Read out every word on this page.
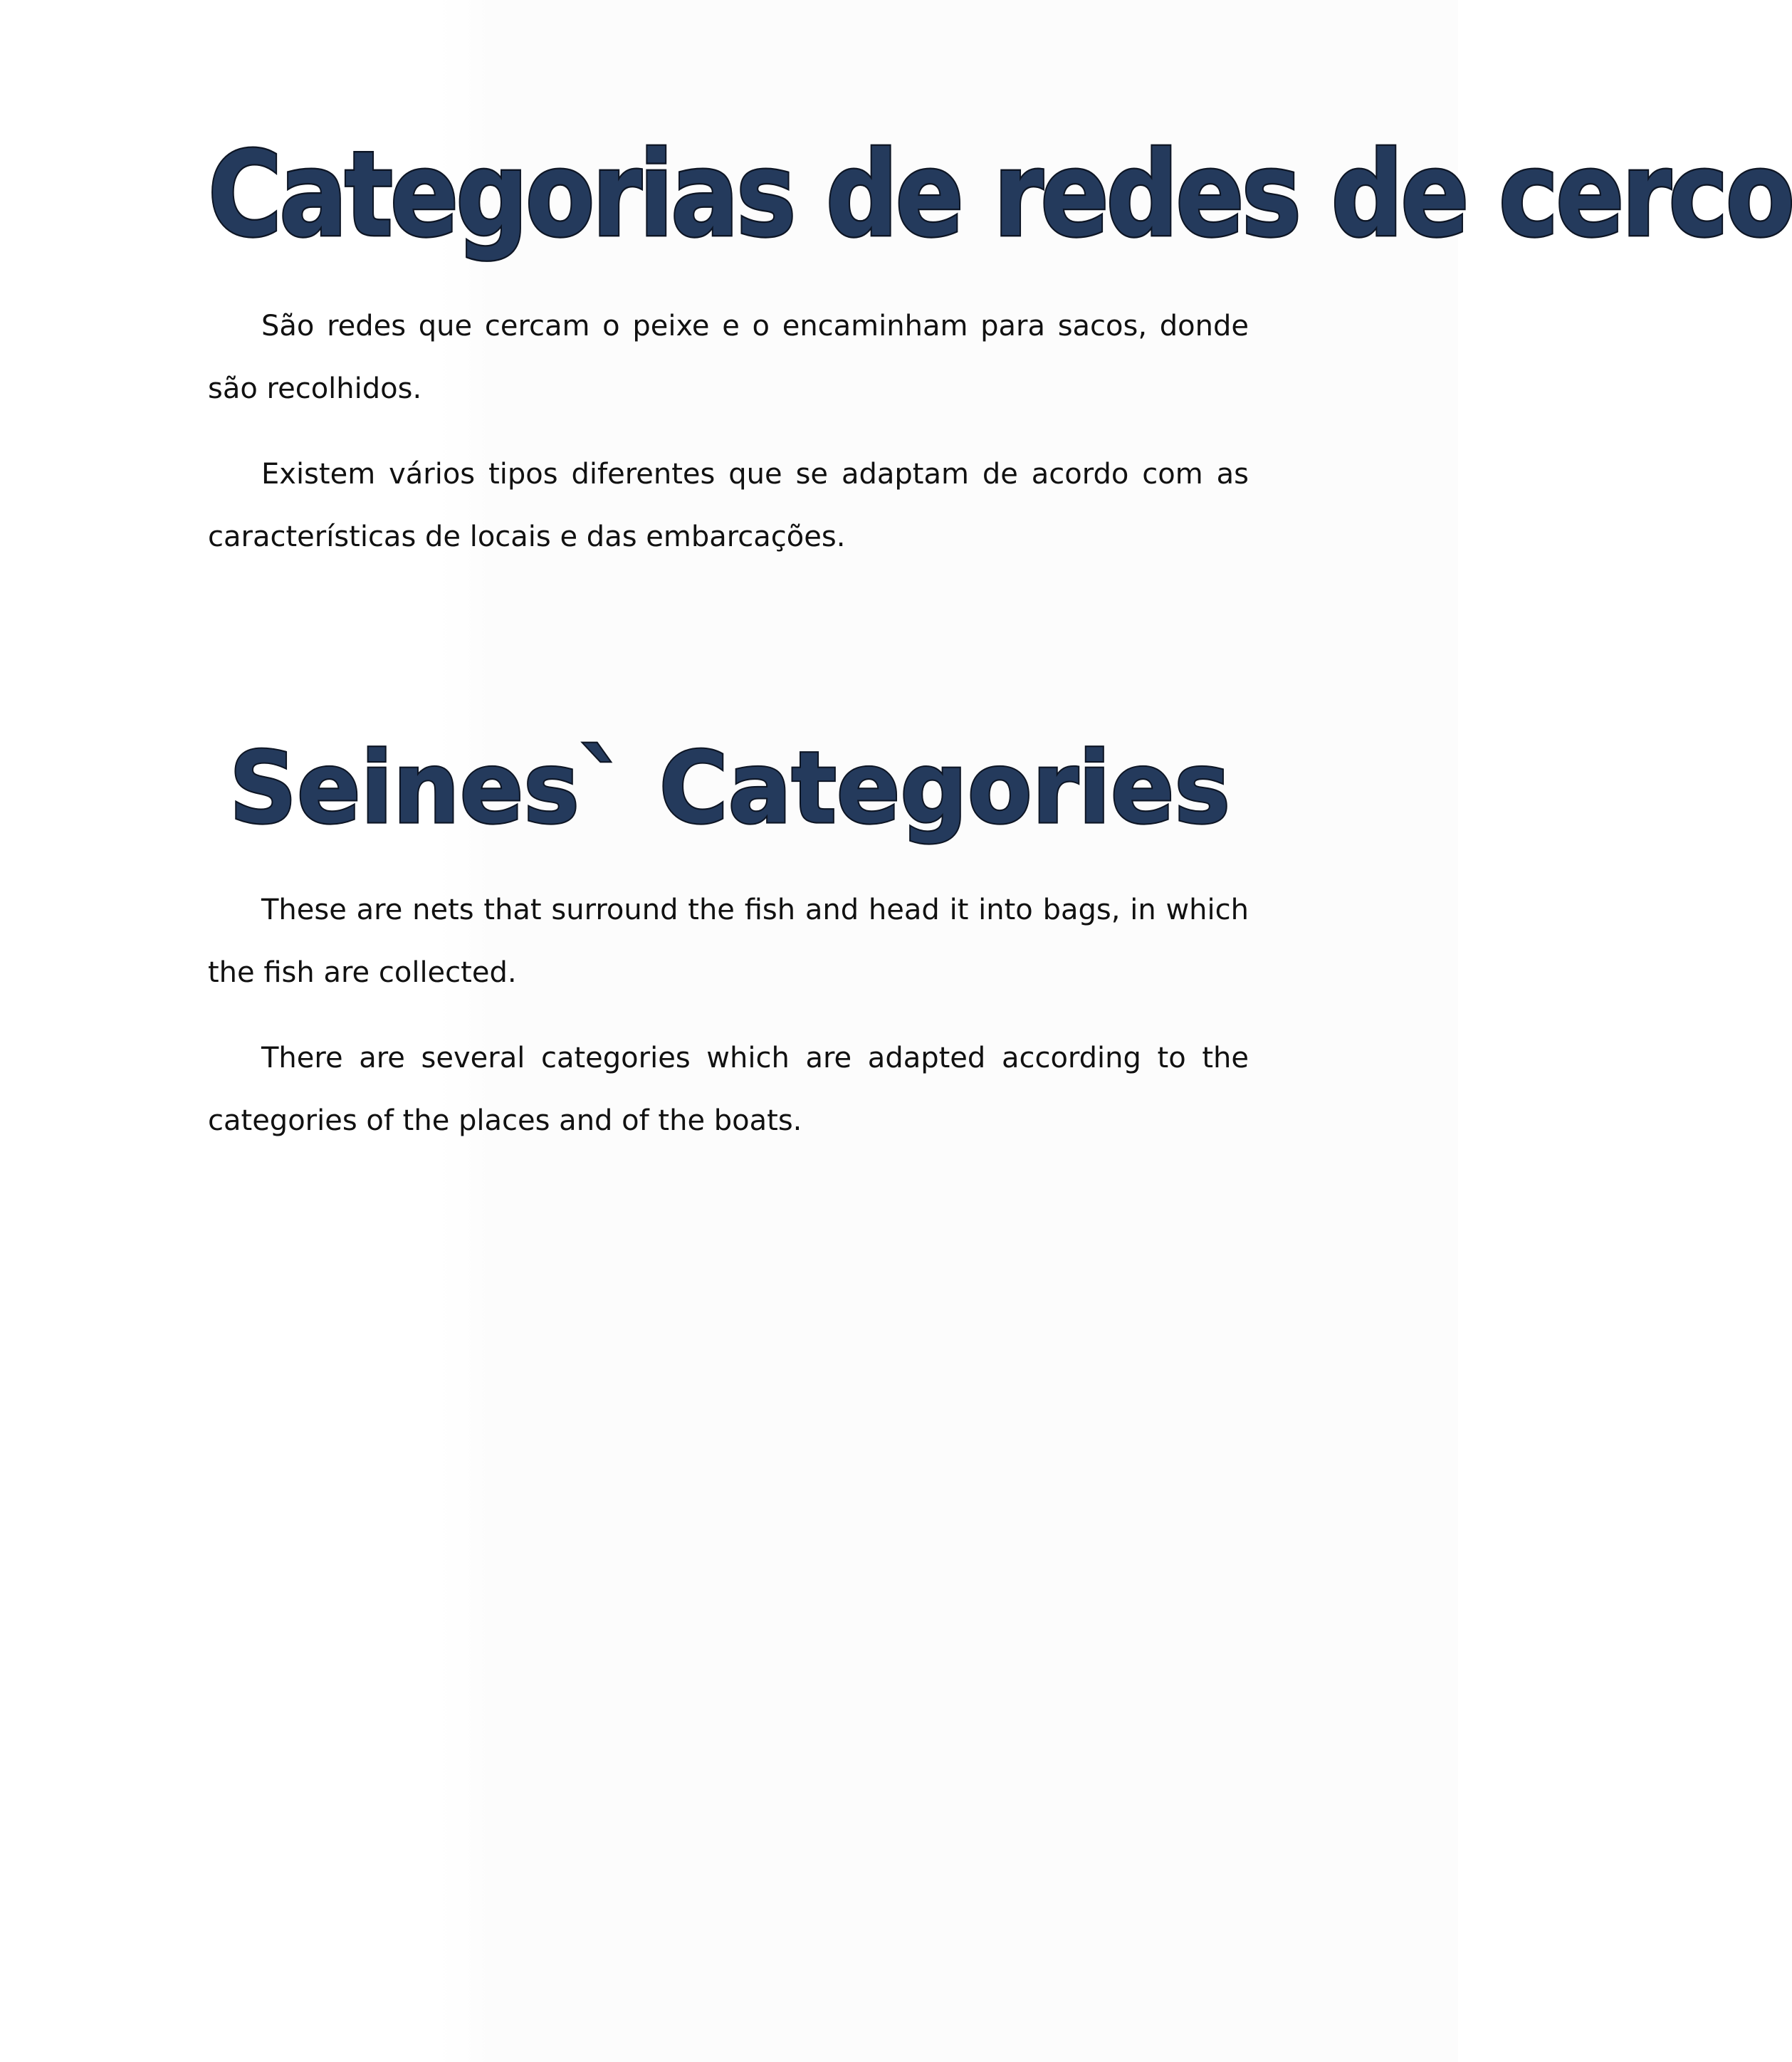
Categorias de redes de cerco

São redes que cercam o peixe e o encaminham para sacos, donde são recolhidos.

Existem vários tipos diferentes que se adaptam de acordo com as características de locais e das embarcações.

Seines` Categories

These are nets that surround the fish and head it into bags, in which the fish are collected.

There are several categories which are adapted according to the categories of the places and of the boats.
